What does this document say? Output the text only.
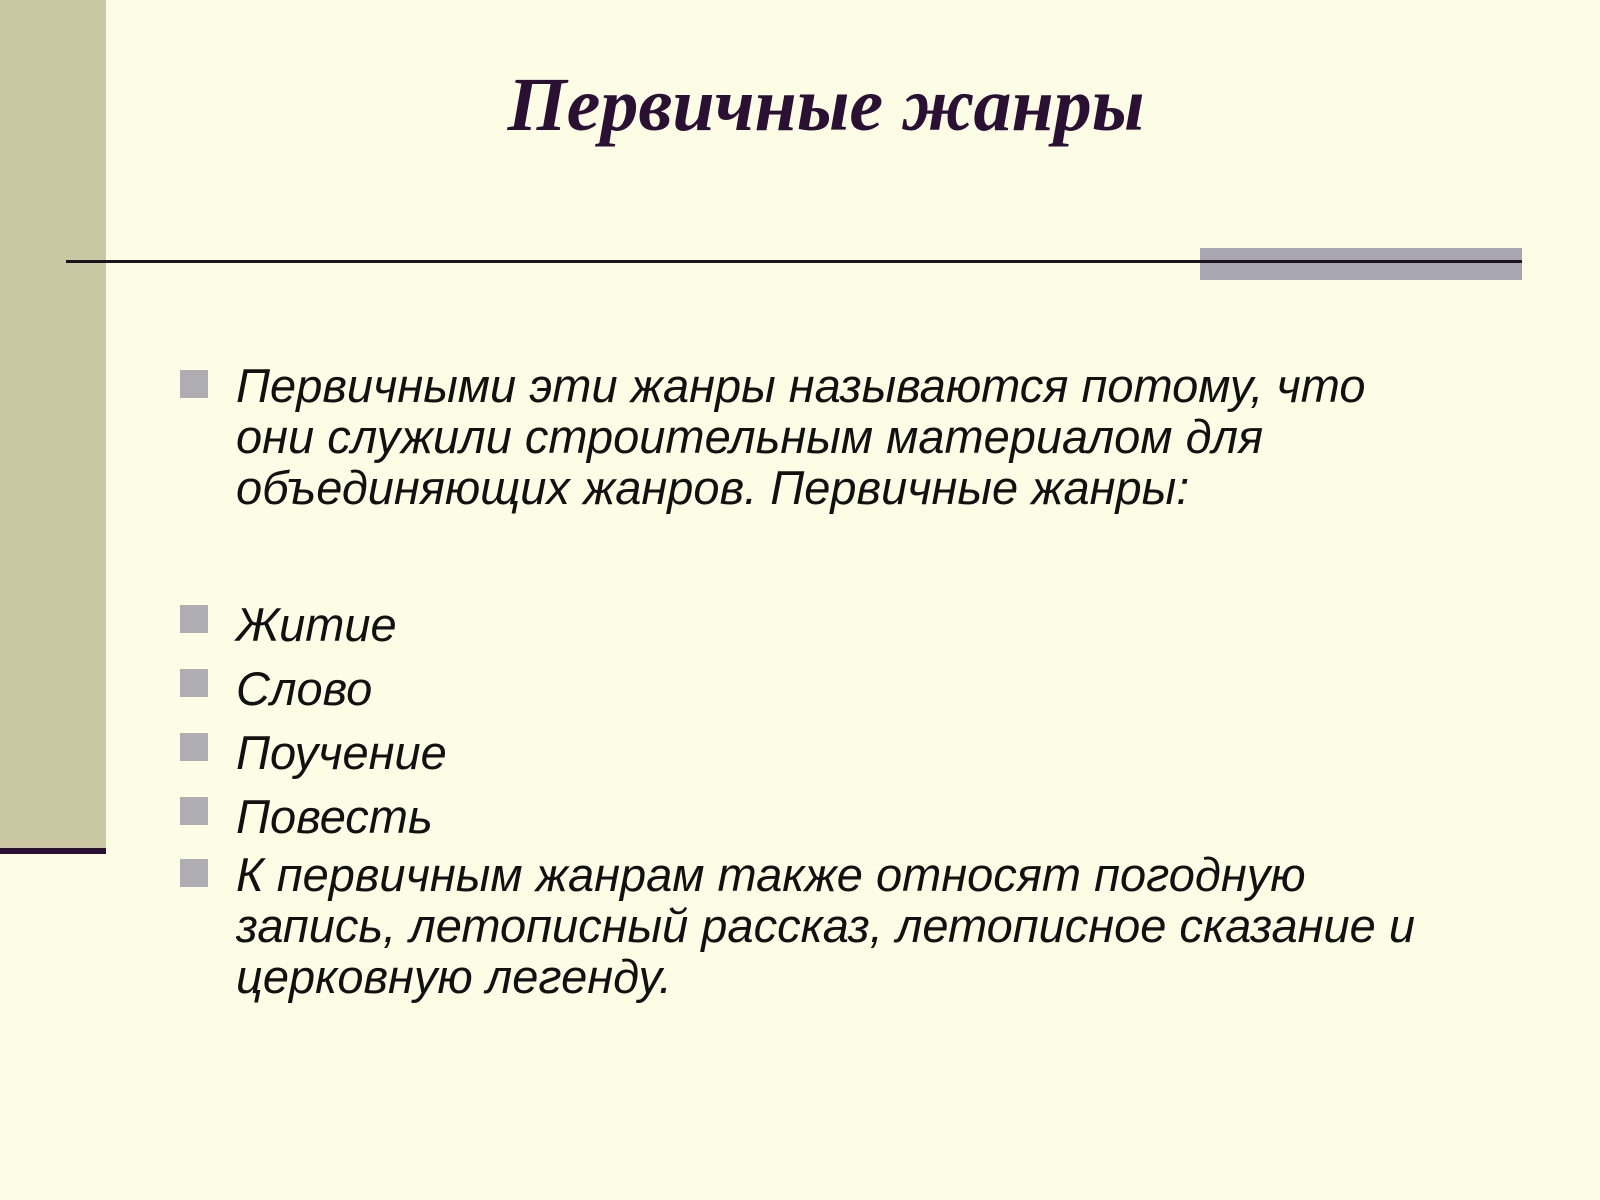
Первичные жанры
Первичными эти жанры называются потому, что они служили строительным материалом для объединяющих жанров. Первичные жанры:
Житие
Слово
Поучение
Повесть
К первичным жанрам также относят погодную запись, летописный рассказ, летописное сказание и церковную легенду.
